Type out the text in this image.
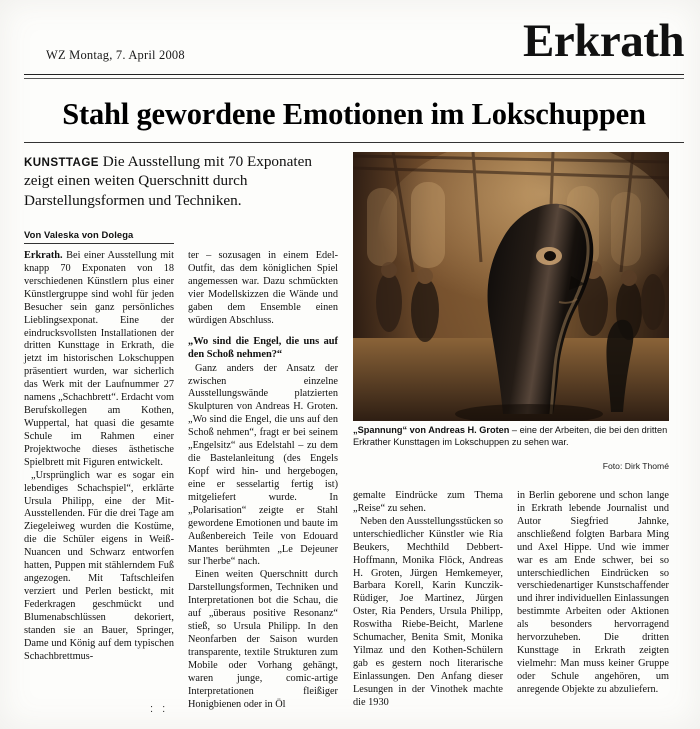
WZ Montag, 7. April 2008	Erkrath
Stahl gewordene Emotionen im Lokschuppen
KUNSTTAGE Die Ausstellung mit 70 Exponaten zeigt einen weiten Querschnitt durch Darstellungsformen und Techniken.
Von Valeska von Dolega
„Spannung“ von Andreas H. Groten – eine der Arbeiten, die bei den dritten Erkrather Kunsttagen im Lokschuppen zu sehen war.
Foto: Dirk Thomé

Erkrath. Bei einer Ausstellung mit knapp 70 Exponaten von 18 verschiedenen Künstlern plus einer Künstlergruppe sind wohl für jeden Besucher sein ganz persönliches Lieblingsexponat. Eine der eindrucksvollsten Installationen der dritten Kunsttage in Erkrath, die jetzt im historischen Lokschuppen präsentiert wurden, war sicherlich das Werk mit der Laufnummer 27 namens „Schachbrett“. Erdacht vom Berufskollegen am Kothen, Wuppertal, hat quasi die gesamte Schule im Rahmen einer Projektwoche dieses ästhetische Spielbrett mit Figuren entwickelt.

„Ursprünglich war es sogar ein lebendiges Schachspiel“, erklärte Ursula Philipp, eine der Mit-Ausstellenden. Für die drei Tage am Ziegeleiweg wurden die Kostüme, die die Schüler eigens in Weiß-Nuancen und Schwarz entworfen hatten, Puppen mit stählerndem Fuß angezogen. Mit Taftschleifen verziert und Perlen bestickt, mit Federkragen geschmückt und Blumenabschlüssen dekoriert, standen sie an Bauer, Springer, Dame und König auf dem typischen Schachbrettmus-

ter – sozusagen in einem Edel-Outfit, das dem königlichen Spiel angemessen war. Dazu schmückten vier Modellskizzen die Wände und gaben dem Ensemble einen würdigen Abschluss.

„Wo sind die Engel, die uns auf den Schoß nehmen?“

Ganz anders der Ansatz der zwischen einzelne Ausstellungswände platzierten Skulpturen von Andreas H. Groten. „Wo sind die Engel, die uns auf den Schoß nehmen“, fragt er bei seinem „Engelsitz“ aus Edelstahl – zu dem die Bastelanleitung (des Engels Kopf wird hin- und hergebogen, eine er sesselartig fertig ist) mitgeliefert wurde. In „Polarisation“ zeigte er Stahl gewordene Emotionen und baute im Außenbereich Teile von Edouard Mantes berühmten „Le Dejeuner sur l'herbe“ nach.

Einen weiten Querschnitt durch Darstellungsformen, Techniken und Interpretationen bot die Schau, die auf „überaus positive Resonanz“ stieß, so Ursula Philipp. In den Neonfarben der Saison wurden transparente, textile Strukturen zum Mobile oder Vorhang gehängt, waren junge, comic-artige Interpretationen fleißiger Honigbienen oder in Öl

gemalte Eindrücke zum Thema „Reise“ zu sehen.

Neben den Ausstellungsstücken so unterschiedlicher Künstler wie Ria Beukers, Mechthild Debbert-Hoffmann, Monika Flöck, Andreas H. Groten, Jürgen Hemkemeyer, Barbara Korell, Karin Kunczik-Rüdiger, Joe Martinez, Jürgen Oster, Ria Penders, Ursula Philipp, Roswitha Riebe-Beicht, Marlene Schumacher, Benita Smit, Monika Yilmaz und den Kothen-Schülern gab es gestern noch literarische Einlassungen. Den Anfang dieser Lesungen in der Vinothek machte die 1930

in Berlin geborene und schon lange in Erkrath lebende Journalist und Autor Siegfried Jahnke, anschließend folgten Barbara Ming und Axel Hippe. Und wie immer war es am Ende schwer, bei so unterschiedlichen Eindrücken so verschiedenartiger Kunstschaffender und ihrer individuellen Einlassungen bestimmte Arbeiten oder Aktionen als besonders hervorragend hervorzuheben. Die dritten Kunsttage in Erkrath zeigten vielmehr: Man muss keiner Gruppe oder Schule angehören, um anregende Objekte zu abzuliefern.

: :
